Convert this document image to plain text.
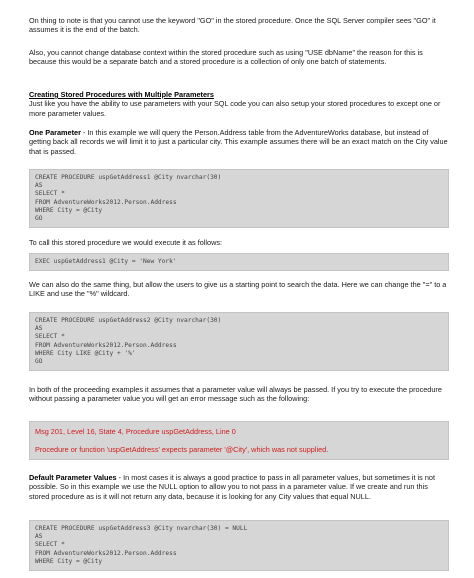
On thing to note is that you cannot use the keyword "GO" in the stored procedure. Once the SQL Server compiler sees "GO" it assumes it is the end of the batch.

Also, you cannot change database context within the stored procedure such as using "USE dbName" the reason for this is because this would be a separate batch and a stored procedure is a collection of only one batch of statements.

Creating Stored Procedures with Multiple Parameters
Just like you have the ability to use parameters with your SQL code you can also setup your stored procedures to except one or more parameter values.

One Parameter - In this example we will query the Person.Address table from the AdventureWorks database, but instead of getting back all records we will limit it to just a particular city. This example assumes there will be an exact match on the City value that is passed.

CREATE PROCEDURE uspGetAddress1 @City nvarchar(30)
AS
SELECT *
FROM AdventureWorks2012.Person.Address
WHERE City = @City
GO

To call this stored procedure we would execute it as follows:

EXEC uspGetAddress1 @City = 'New York'

We can also do the same thing, but allow the users to give us a starting point to search the data. Here we can change the "=" to a LIKE and use the "%" wildcard.

CREATE PROCEDURE uspGetAddress2 @City nvarchar(30)
AS
SELECT *
FROM AdventureWorks2012.Person.Address
WHERE City LIKE @City + '%'
GO

In both of the proceeding examples it assumes that a parameter value will always be passed. If you try to execute the procedure without passing a parameter value you will get an error message such as the following:

Msg 201, Level 16, State 4, Procedure uspGetAddress, Line 0
Procedure or function 'uspGetAddress' expects parameter '@City', which was not supplied.

Default Parameter Values - In most cases it is always a good practice to pass in all parameter values, but sometimes it is not possible. So in this example we use the NULL option to allow you to not pass in a parameter value. If we create and run this stored procedure as is it will not return any data, because it is looking for any City values that equal NULL.

CREATE PROCEDURE uspGetAddress3 @City nvarchar(30) = NULL
AS
SELECT *
FROM AdventureWorks2012.Person.Address
WHERE City = @City
